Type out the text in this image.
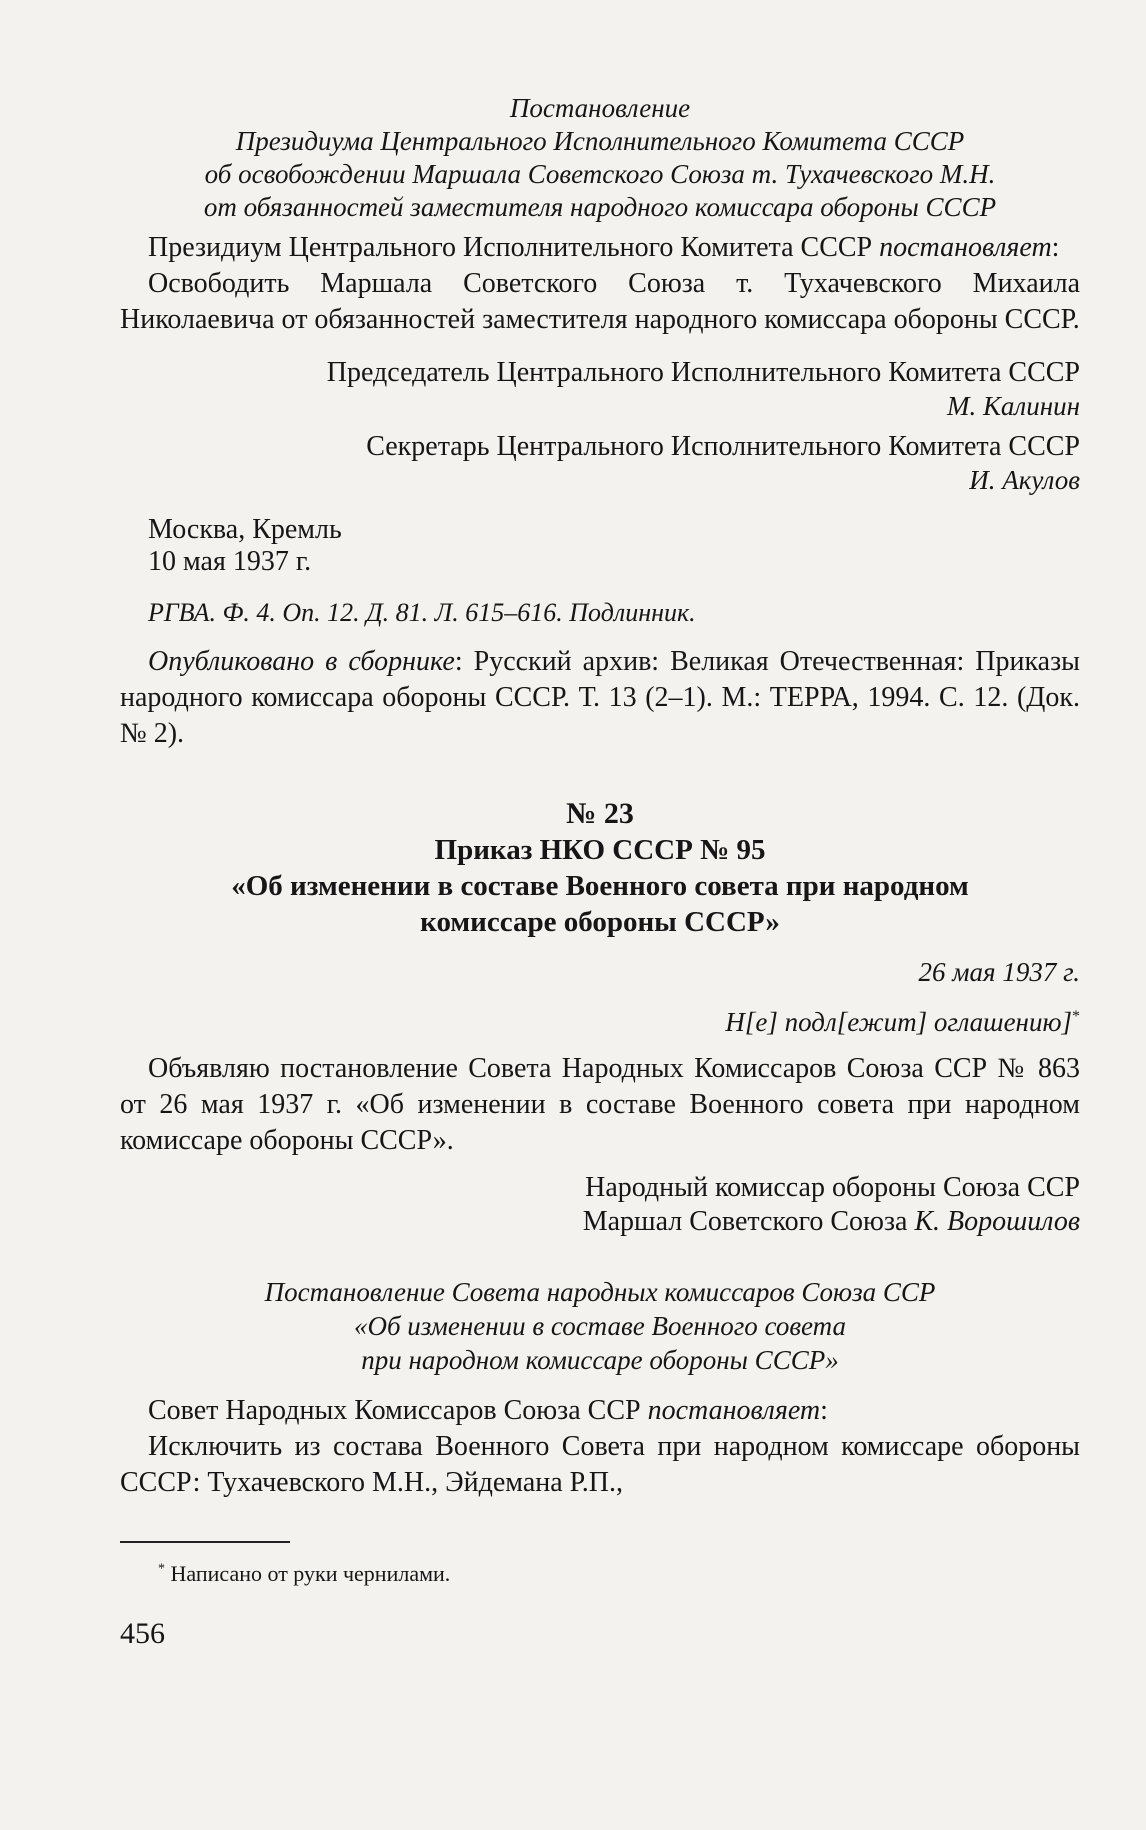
Постановление
Президиума Центрального Исполнительного Комитета СССР
об освобождении Маршала Советского Союза т. Тухачевского М.Н.
от обязанностей заместителя народного комиссара обороны СССР

Президиум Центрального Исполнительного Комитета СССР постановляет:

Освободить Маршала Советского Союза т. Тухачевского Михаила Николаевича от обязанностей заместителя народного комиссара обороны СССР.

Председатель Центрального Исполнительного Комитета СССР
М. Калинин
Секретарь Центрального Исполнительного Комитета СССР
И. Акулов
Москва, Кремль
10 мая 1937 г.
РГВА. Ф. 4. Оп. 12. Д. 81. Л. 615–616. Подлинник.

Опубликовано в сборнике: Русский архив: Великая Отечественная: Приказы народного комиссара обороны СССР. Т. 13 (2–1). М.: ТЕРРА, 1994. С. 12. (Док. № 2).

№ 23
Приказ НКО СССР № 95
«Об изменении в составе Военного совета при народном
комиссаре обороны СССР»
26 мая 1937 г.
Н[е] подл[ежит] оглашению]*

Объявляю постановление Совета Народных Комиссаров Союза ССР № 863 от 26 мая 1937 г. «Об изменении в составе Военного совета при народном комиссаре обороны СССР».

Народный комиссар обороны Союза ССР
Маршал Советского Союза К. Ворошилов
Постановление Совета народных комиссаров Союза ССР
«Об изменении в составе Военного совета
при народном комиссаре обороны СССР»

Совет Народных Комиссаров Союза ССР постановляет:

Исключить из состава Военного Совета при народном комиссаре обороны СССР: Тухачевского М.Н., Эйдемана Р.П.,

* Написано от руки чернилами.
456
